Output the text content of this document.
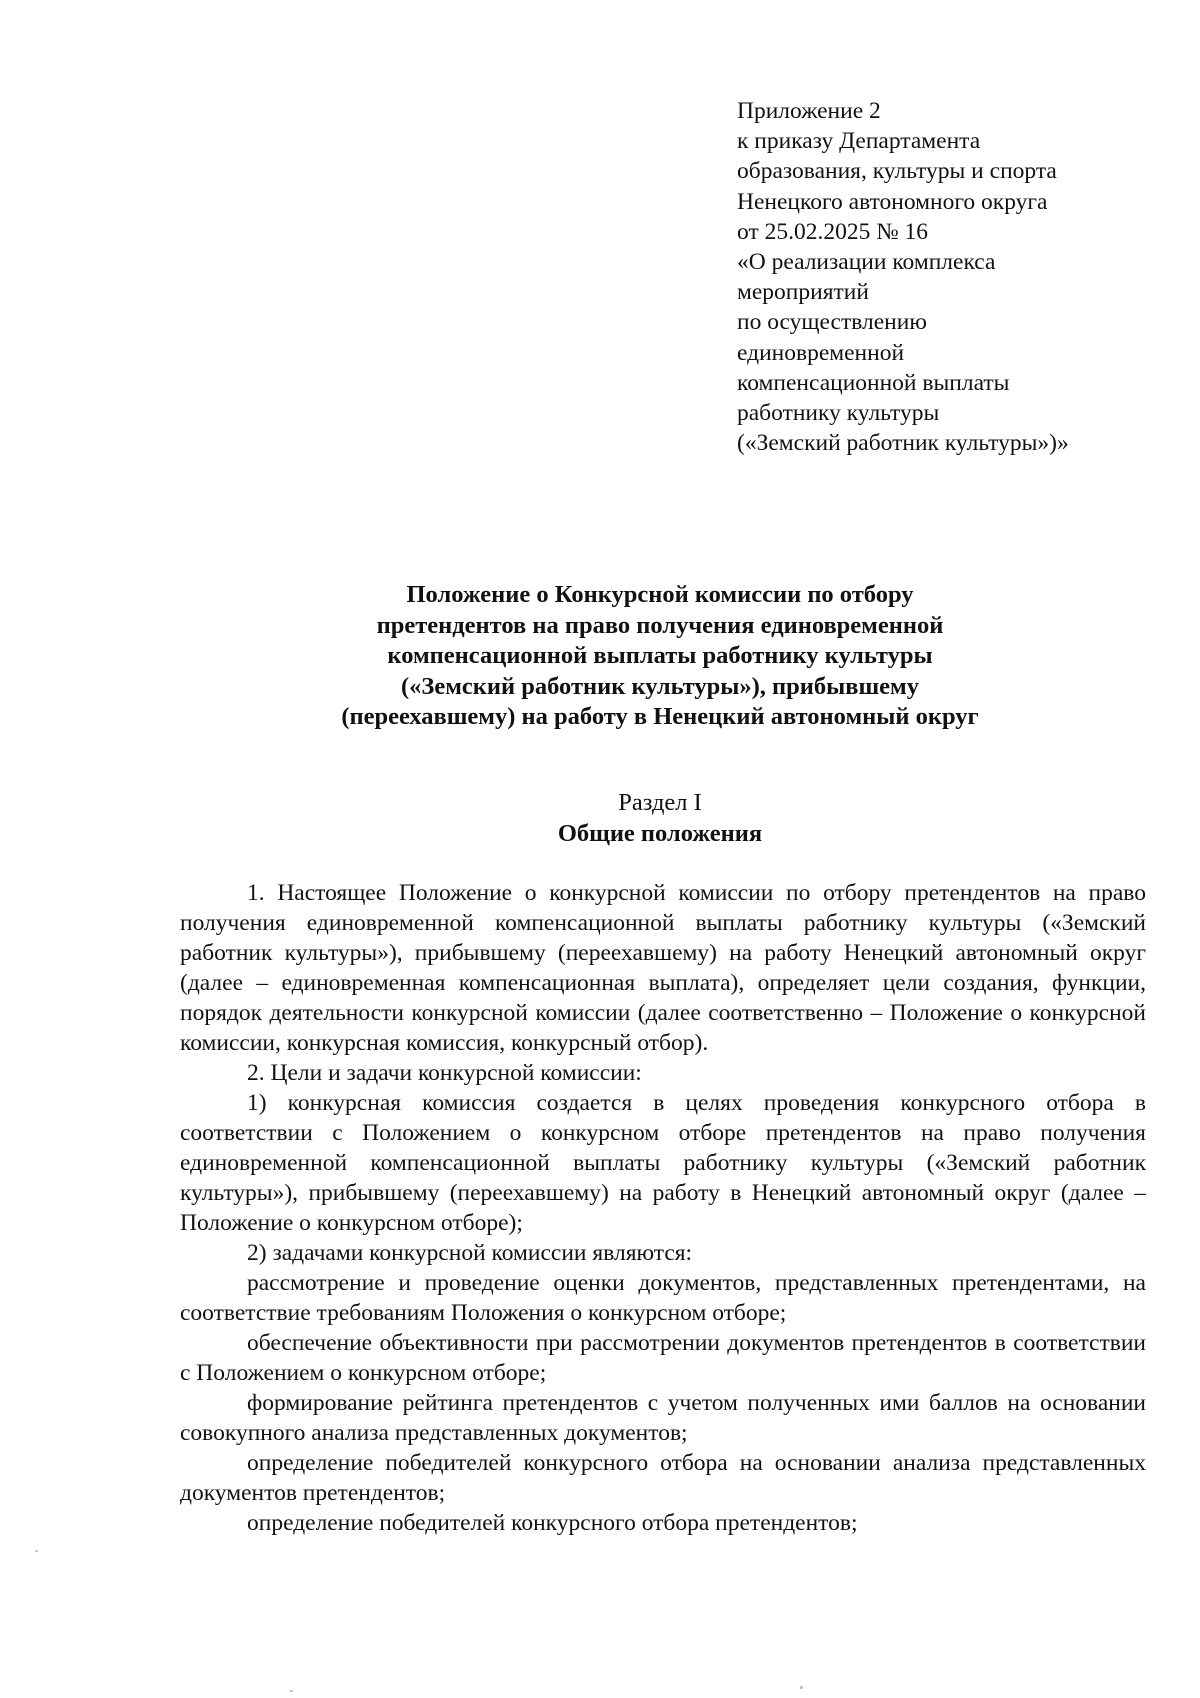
Приложение 2
к приказу Департамента
образования, культуры и спорта
Ненецкого автономного округа
от 25.02.2025 № 16
«О реализации комплекса
мероприятий
по осуществлению
единовременной
компенсационной выплаты
работнику культуры
(«Земский работник культуры»)»
Положение о Конкурсной комиссии по отбору
претендентов на право получения единовременной
компенсационной выплаты работнику культуры
(«Земский работник культуры»), прибывшему
(переехавшему) на работу в Ненецкий автономный округ
Раздел I
Общие положения

1. Настоящее Положение о конкурсной комиссии по отбору претендентов на право получения единовременной компенсационной выплаты работнику культуры («Земский работник культуры»), прибывшему (переехавшему) на работу Ненецкий автономный округ (далее – единовременная компенсационная выплата), определяет цели создания, функции, порядок деятельности конкурсной комиссии (далее соответственно – Положение о конкурсной комиссии, конкурсная комиссия, конкурсный отбор).

2. Цели и задачи конкурсной комиссии:

1) конкурсная комиссия создается в целях проведения конкурсного отбора в соответствии с Положением о конкурсном отборе претендентов на право получения единовременной компенсационной выплаты работнику культуры («Земский работник культуры»), прибывшему (переехавшему) на работу в Ненецкий автономный округ (далее – Положение о конкурсном отборе);

2) задачами конкурсной комиссии являются:

рассмотрение и проведение оценки документов, представленных претендентами, на соответствие требованиям Положения о конкурсном отборе;

обеспечение объективности при рассмотрении документов претендентов в соответствии с Положением о конкурсном отборе;

формирование рейтинга претендентов с учетом полученных ими баллов на основании совокупного анализа представленных документов;

определение победителей конкурсного отбора на основании анализа представленных документов претендентов;

определение победителей конкурсного отбора претендентов;
